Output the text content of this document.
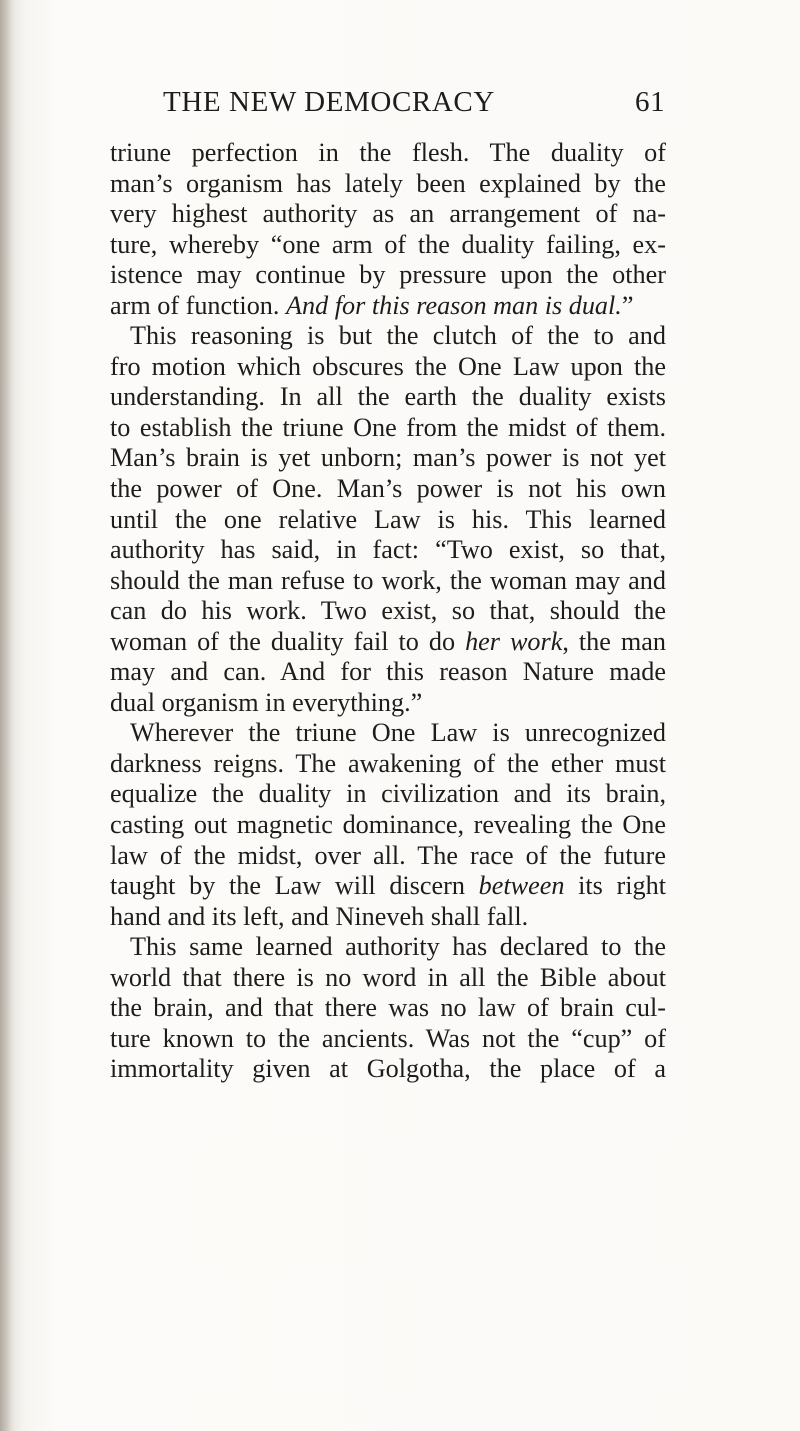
THE NEW DEMOCRACY	61
triune perfection in the flesh. The duality of
man’s organism has lately been explained by the
very highest authority as an arrangement of na-
ture, whereby “one arm of the duality failing, ex-
istence may continue by pressure upon the other
arm of function. And for this reason man is dual.”
This reasoning is but the clutch of the to and
fro motion which obscures the One Law upon the
understanding. In all the earth the duality exists
to establish the triune One from the midst of them.
Man’s brain is yet unborn; man’s power is not yet
the power of One. Man’s power is not his own
until the one relative Law is his. This learned
authority has said, in fact: “Two exist, so that,
should the man refuse to work, the woman may and
can do his work. Two exist, so that, should the
woman of the duality fail to do her work, the man
may and can. And for this reason Nature made
dual organism in everything.”
Wherever the triune One Law is unrecognized
darkness reigns. The awakening of the ether must
equalize the duality in civilization and its brain,
casting out magnetic dominance, revealing the One
law of the midst, over all. The race of the future
taught by the Law will discern between its right
hand and its left, and Nineveh shall fall.
This same learned authority has declared to the
world that there is no word in all the Bible about
the brain, and that there was no law of brain cul-
ture known to the ancients. Was not the “cup” of
immortality given at Golgotha, the place of a
